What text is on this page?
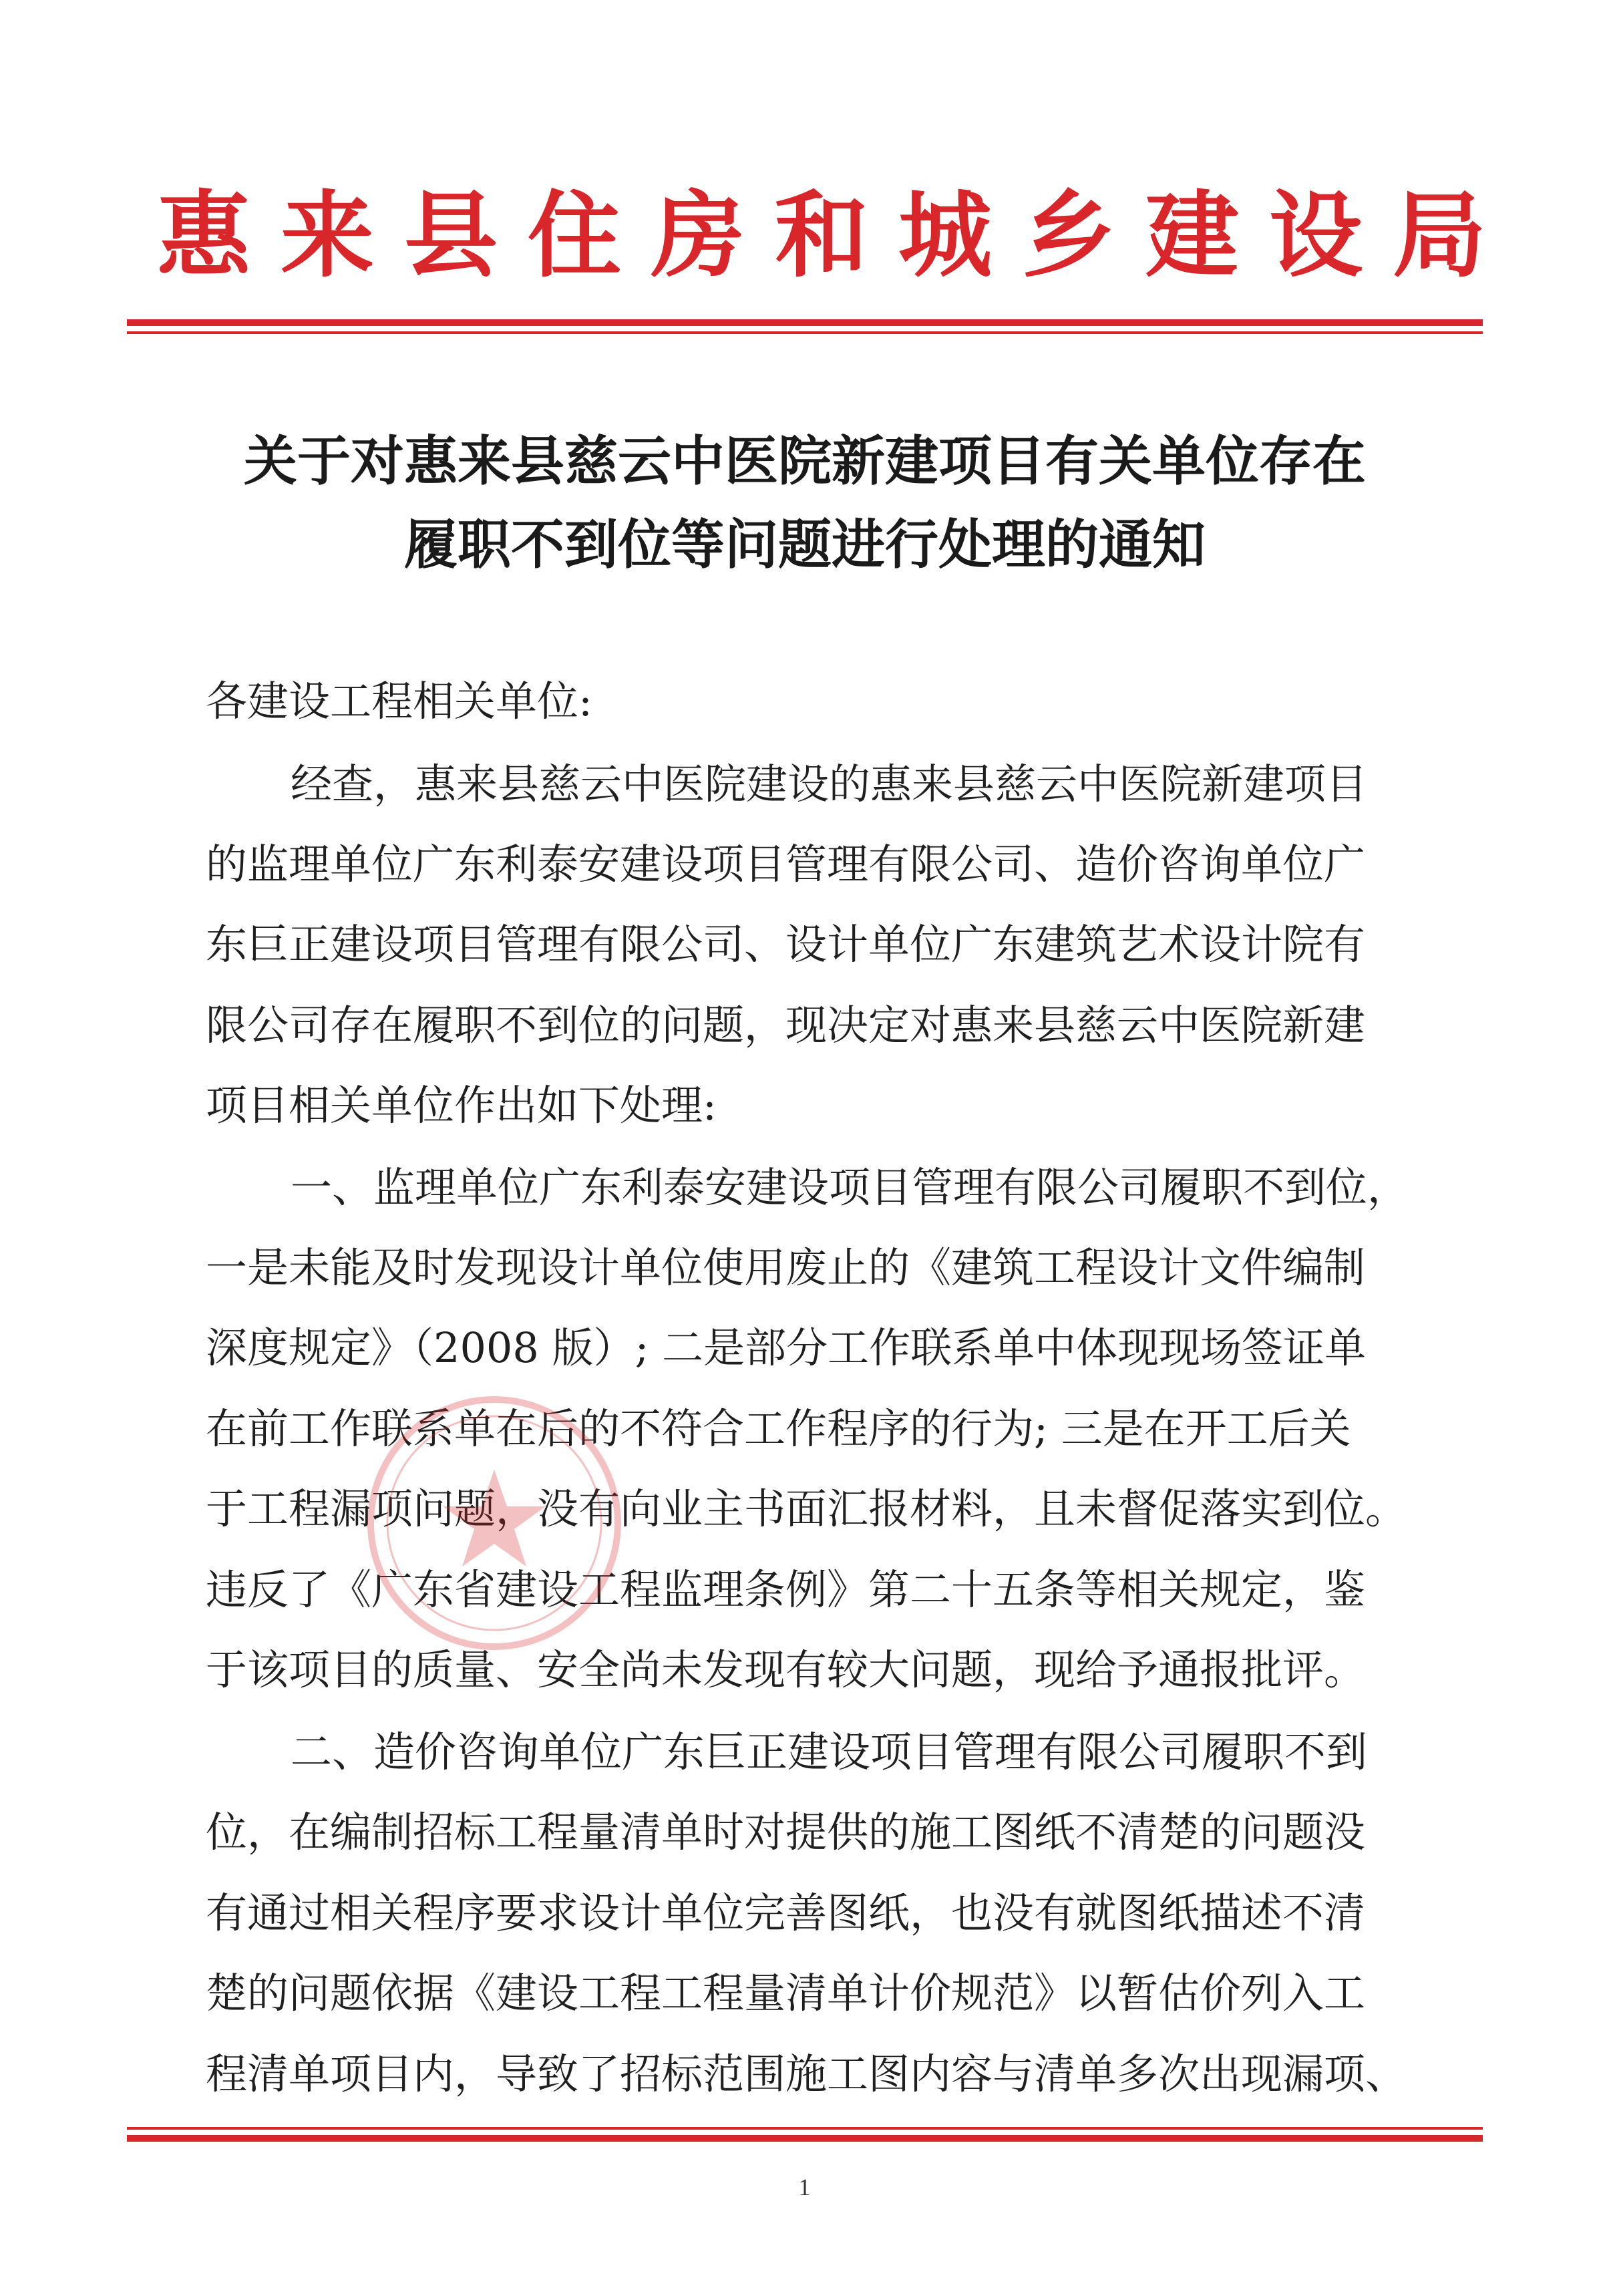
惠来县住房和城乡建设局
关于对惠来县慈云中医院新建项目有关单位存在
履职不到位等问题进行处理的通知
各建设工程相关单位:
经查，惠来县慈云中医院建设的惠来县慈云中医院新建项目
的监理单位广东利泰安建设项目管理有限公司、造价咨询单位广
东巨正建设项目管理有限公司、设计单位广东建筑艺术设计院有
限公司存在履职不到位的问题，现决定对惠来县慈云中医院新建
项目相关单位作出如下处理:
一、监理单位广东利泰安建设项目管理有限公司履职不到位，
一是未能及时发现设计单位使用废止的《建筑工程设计文件编制
深度规定》（2008 版）; 二是部分工作联系单中体现现场签证单
在前工作联系单在后的不符合工作程序的行为; 三是在开工后关
于工程漏项问题，没有向业主书面汇报材料，且未督促落实到位。
违反了《广东省建设工程监理条例》第二十五条等相关规定，鉴
于该项目的质量、安全尚未发现有较大问题，现给予通报批评。
二、造价咨询单位广东巨正建设项目管理有限公司履职不到
位，在编制招标工程量清单时对提供的施工图纸不清楚的问题没
有通过相关程序要求设计单位完善图纸，也没有就图纸描述不清
楚的问题依据《建设工程工程量清单计价规范》以暂估价列入工
程清单项目内，导致了招标范围施工图内容与清单多次出现漏项、
1
